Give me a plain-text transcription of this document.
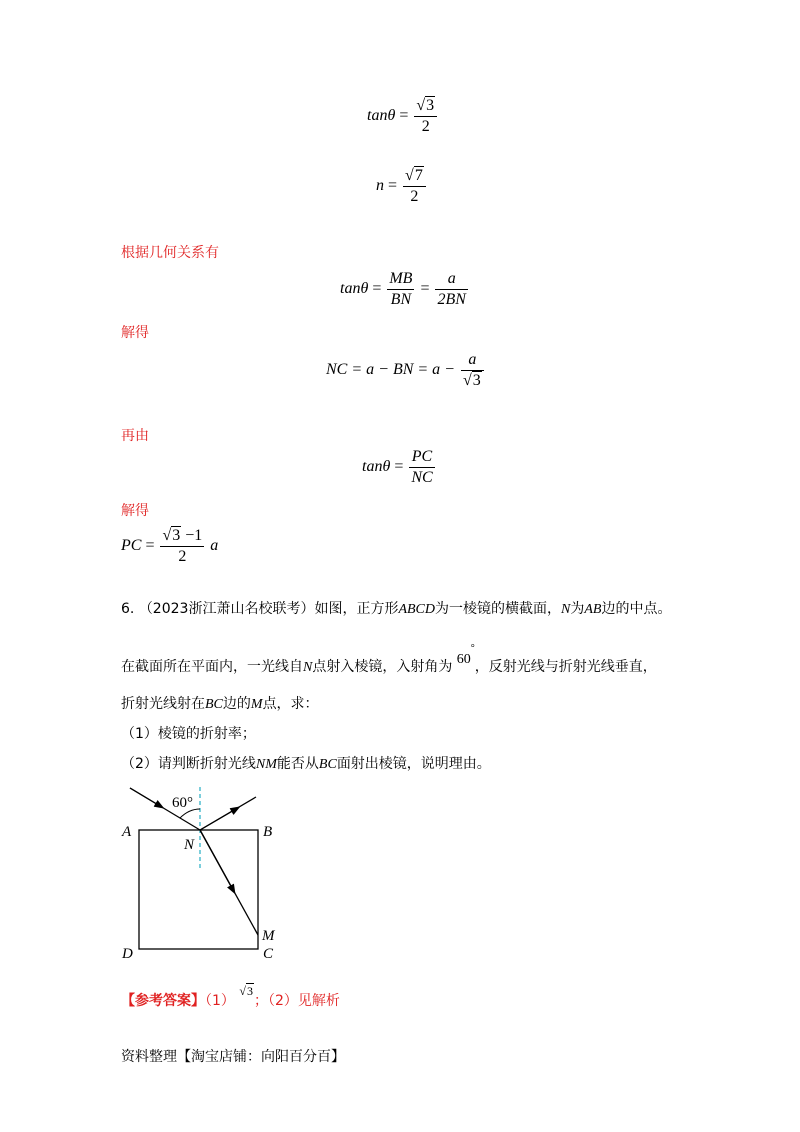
$\tan\theta = \frac{√3}{2}$
$n = \frac{√7}{2}$
根据几何关系有
$\tan\theta = \frac{MB}{BN} = \frac{a}{2BN}$
解得
NC = a − BN = $a - \frac{a}{√3}$
再由
$\tan\theta = \frac{PC}{NC}$
解得
PC = $\frac{√3 -1}{2}$ a
6. （2023浙江萧山名校联考）如图，正方形ABCD为一棱镜的横截面，N为AB边的中点。
在截面所在平面内，一光线自N点射入棱镜，入射角为 60°，反射光线与折射光线垂直，
折射光线射在BC边的M点，求：
（1）棱镜的折射率；
（2）请判断折射光线NM能否从BC面射出棱镜，说明理由。
60°
A	B
N
M
C
D
【参考答案】（1） √3；（2）见解析
资料整理【淘宝店铺：向阳百分百】
